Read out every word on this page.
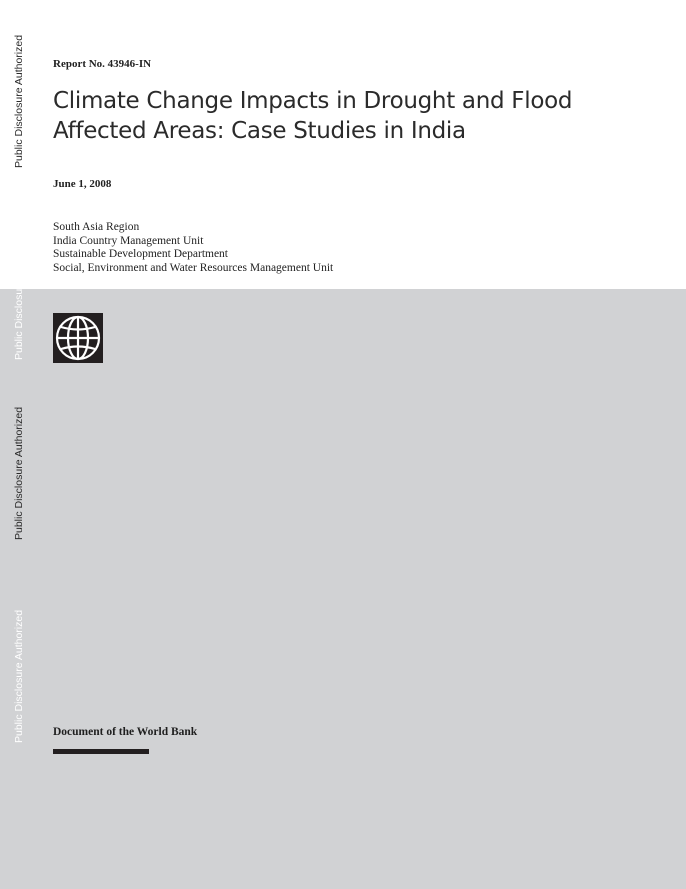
Public Disclosure Authorized
Public Disclosure Authorized
Public Disclosure Authorized
Public Disclosure Authorized
Report No. 43946-IN
Climate Change Impacts in Drought and Flood Affected Areas: Case Studies in India
June 1, 2008
South Asia Region
India Country Management Unit
Sustainable Development Department
Social, Environment and Water Resources Management Unit
Document of the World Bank
